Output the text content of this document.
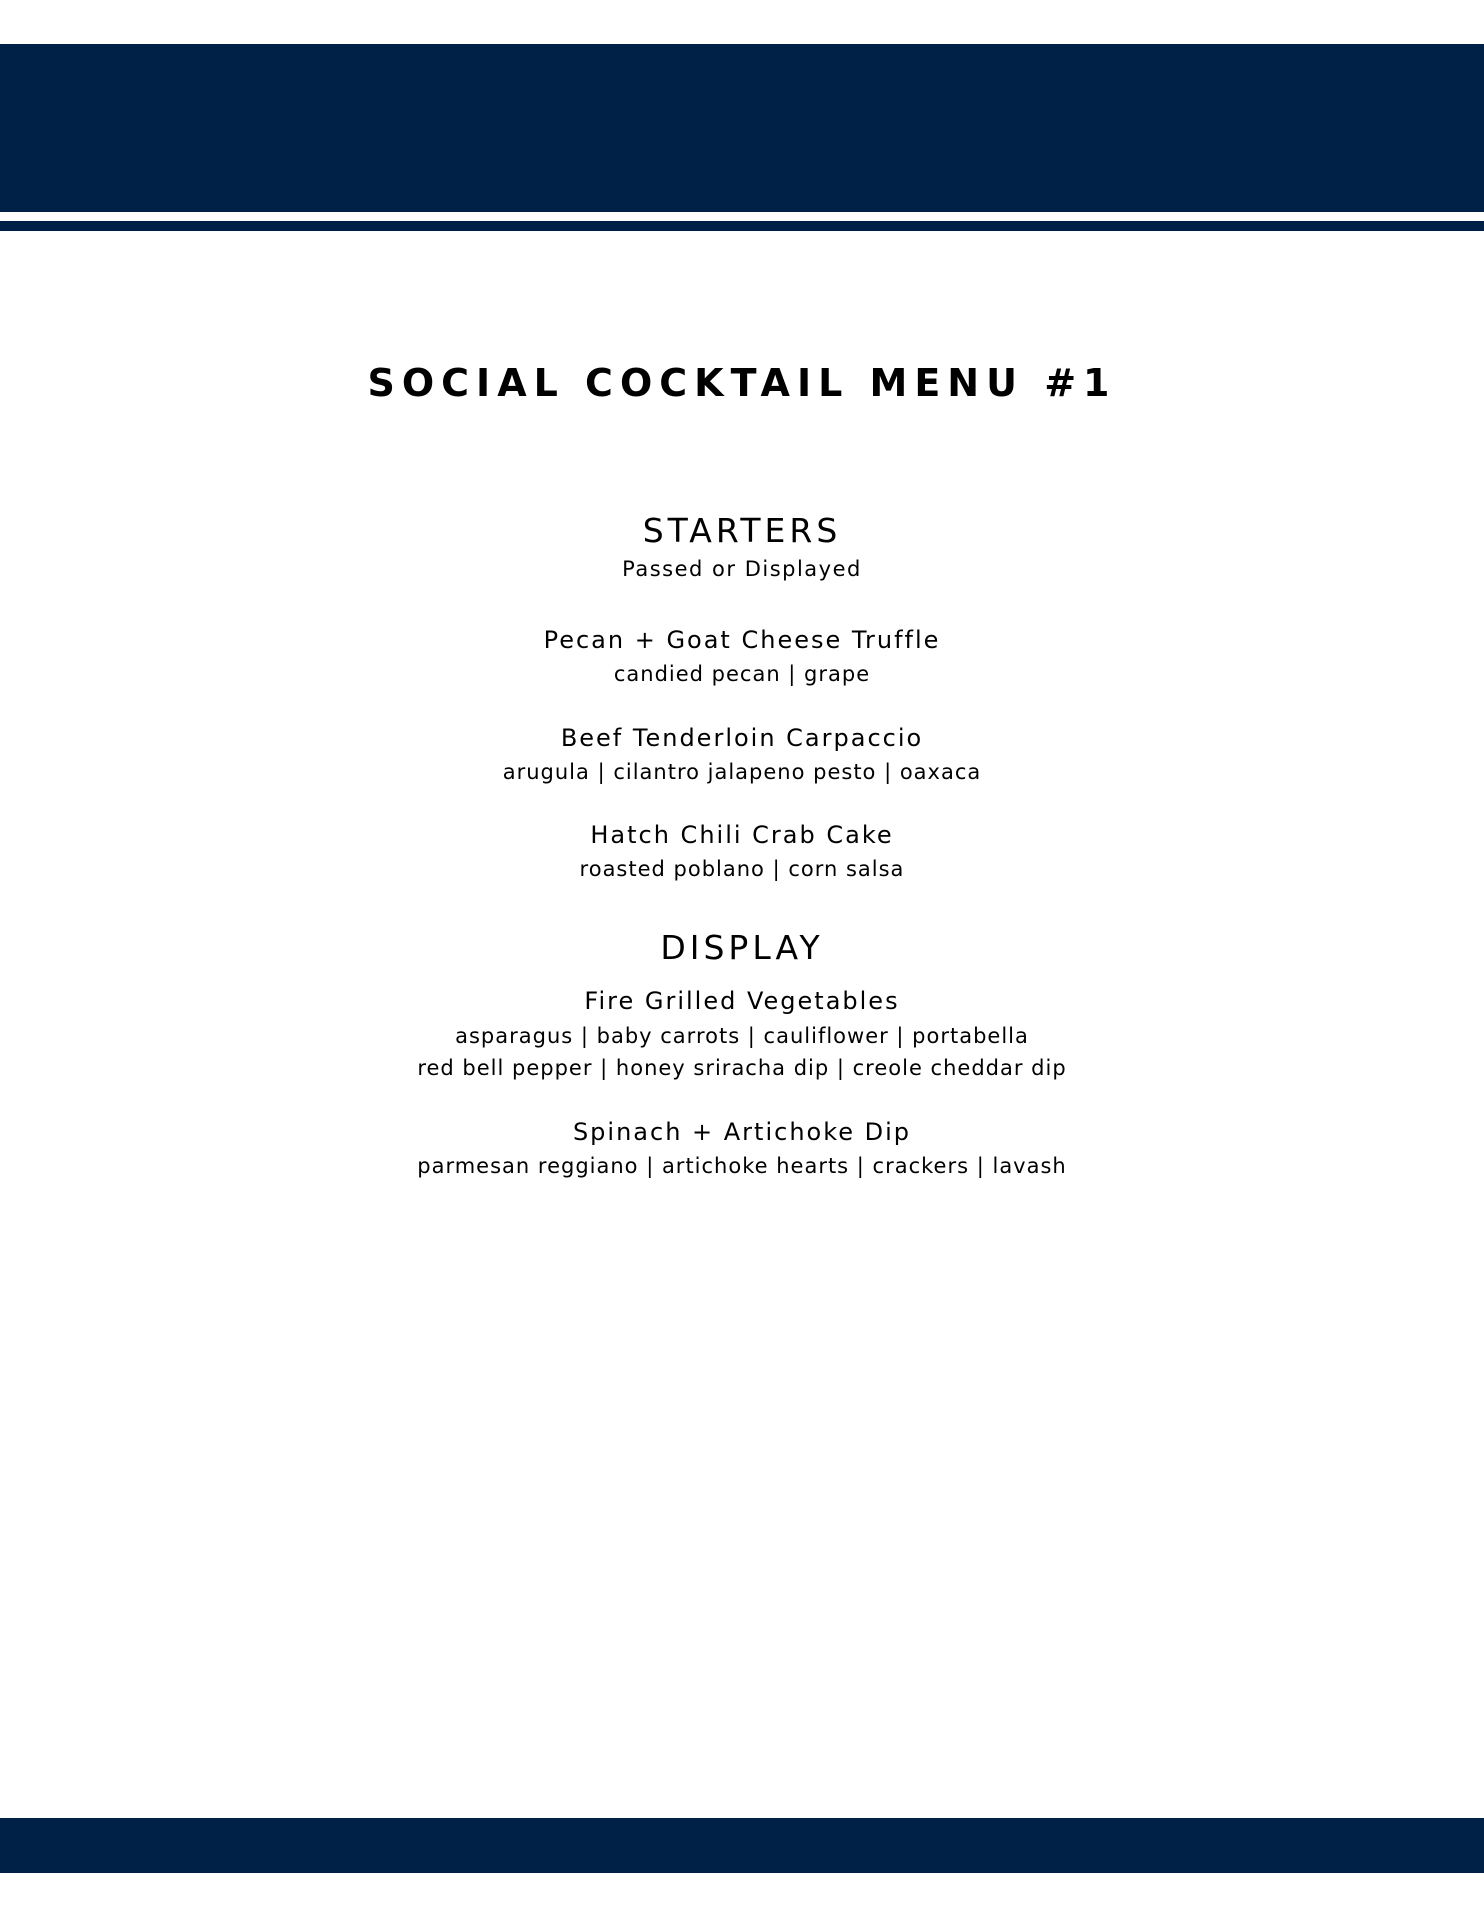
SOCIAL COCKTAIL MENU #1
STARTERS
Passed or Displayed
Pecan + Goat Cheese Truffle
candied pecan | grape
Beef Tenderloin Carpaccio
arugula | cilantro jalapeno pesto | oaxaca
Hatch Chili Crab Cake
roasted poblano | corn salsa
DISPLAY
Fire Grilled Vegetables
asparagus | baby carrots | cauliflower | portabella
red bell pepper | honey sriracha dip | creole cheddar dip
Spinach + Artichoke Dip
parmesan reggiano | artichoke hearts | crackers | lavash
